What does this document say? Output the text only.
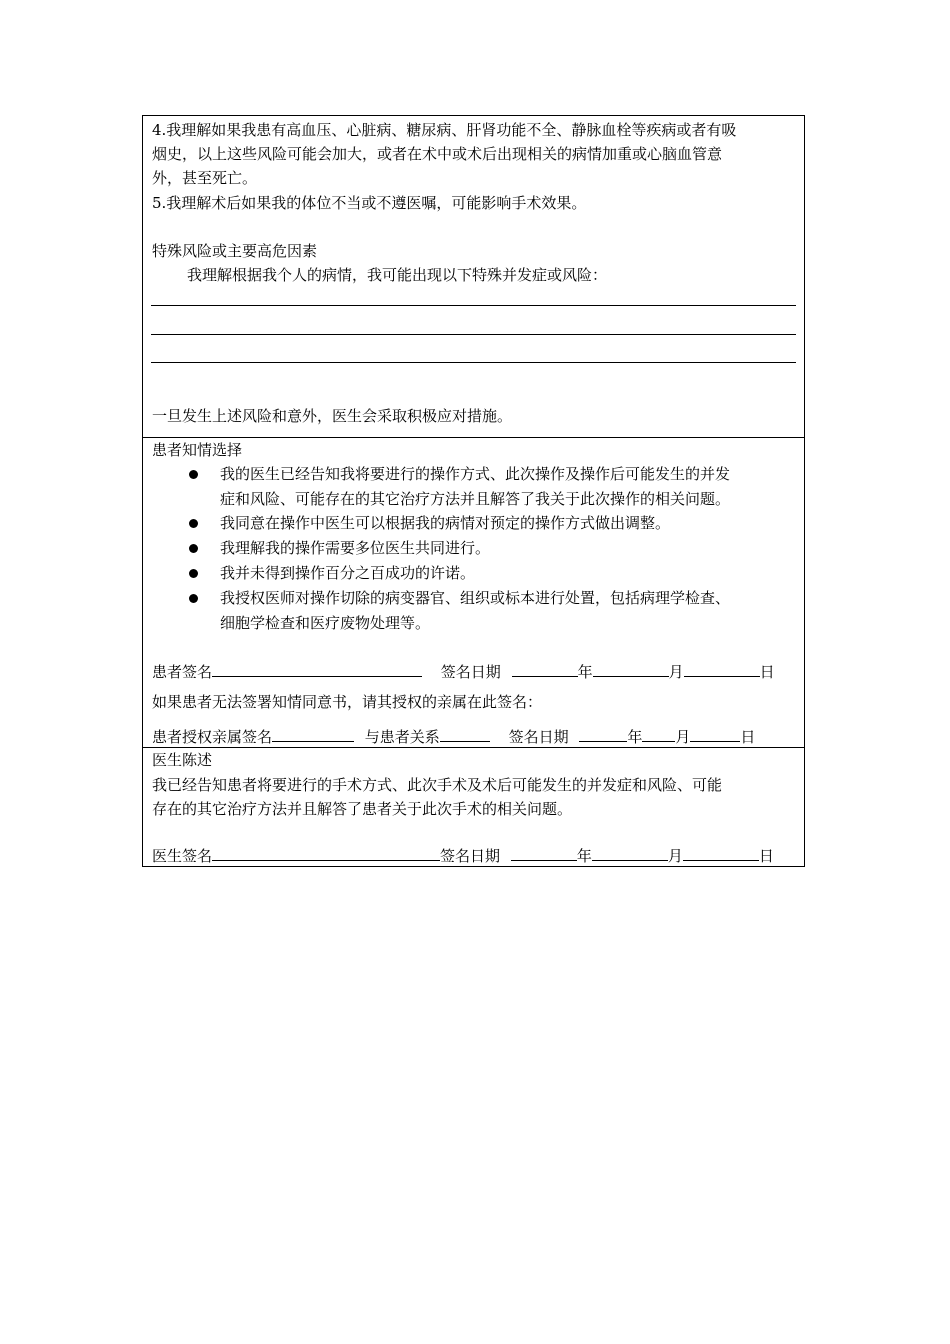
4.我理解如果我患有高血压、心脏病、糖尿病、肝肾功能不全、静脉血栓等疾病或者有吸
烟史，以上这些风险可能会加大，或者在术中或术后出现相关的病情加重或心脑血管意
外，甚至死亡。
5.我理解术后如果我的体位不当或不遵医嘱，可能影响手术效果。
特殊风险或主要高危因素
我理解根据我个人的病情，我可能出现以下特殊并发症或风险：
一旦发生上述风险和意外，医生会采取积极应对措施。
患者知情选择
我的医生已经告知我将要进行的操作方式、此次操作及操作后可能发生的并发
症和风险、可能存在的其它治疗方法并且解答了我关于此次操作的相关问题。
我同意在操作中医生可以根据我的病情对预定的操作方式做出调整。
我理解我的操作需要多位医生共同进行。
我并未得到操作百分之百成功的许诺。
我授权医师对操作切除的病变器官、组织或标本进行处置，包括病理学检查、
细胞学检查和医疗废物处理等。
患者签名	签名日期	年	月	日
如果患者无法签署知情同意书，请其授权的亲属在此签名：
患者授权亲属签名	与患者关系	签名日期	年 月	日
医生陈述
我已经告知患者将要进行的手术方式、此次手术及术后可能发生的并发症和风险、可能
存在的其它治疗方法并且解答了患者关于此次手术的相关问题。
医生签名	签名日期	年	月	日
